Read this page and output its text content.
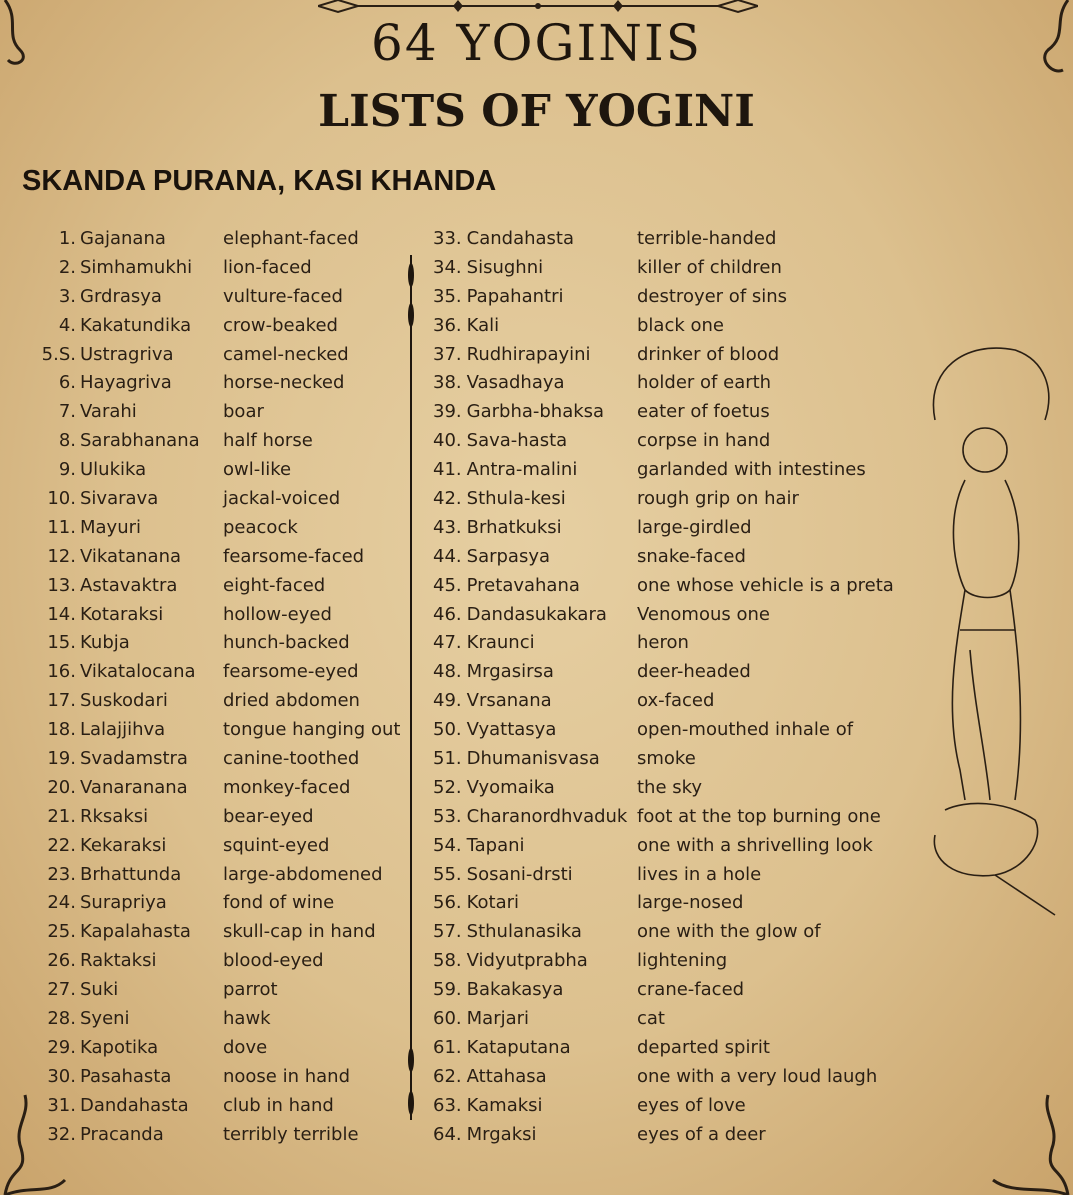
64 YOGINIS
LISTS OF YOGINI
SKANDA PURANA, KASI KHANDA
1. Gajanana	elephant-faced
2. Simhamukhi	lion-faced
3. Grdrasya	vulture-faced
4. Kakatundika	crow-beaked
5.S. Ustragriva	camel-necked
6. Hayagriva	horse-necked
7. Varahi	boar
8. Sarabhanana	half horse
9. Ulukika	owl-like
10. Sivarava	jackal-voiced
11. Mayuri	peacock
12. Vikatanana	fearsome-faced
13. Astavaktra	eight-faced
14. Kotaraksi	hollow-eyed
15. Kubja	hunch-backed
16. Vikatalocana	fearsome-eyed
17. Suskodari	dried abdomen
18. Lalajjihva	tongue hanging out
19. Svadamstra	canine-toothed
20. Vanaranana	monkey-faced
21. Rksaksi	bear-eyed
22. Kekaraksi	squint-eyed
23. Brhattunda	large-abdomened
24. Surapriya	fond of wine
25. Kapalahasta	skull-cap in hand
26. Raktaksi	blood-eyed
27. Suki	parrot
28. Syeni	hawk
29. Kapotika	dove
30. Pasahasta	noose in hand
31. Dandahasta	club in hand
32. Pracanda	terribly terrible
33. Candahasta	terrible-handed
34. Sisughni	killer of children
35. Papahantri	destroyer of sins
36. Kali	black one
37. Rudhirapayini	drinker of blood
38. Vasadhaya	holder of earth
39. Garbha-bhaksa eater of foetus
40. Sava-hasta	corpse in hand
41. Antra-malini	garlanded with intestines
42. Sthula-kesi	rough grip on hair
43. Brhatkuksi	large-girdled
44. Sarpasya	snake-faced
45. Pretavahana	one whose vehicle is a preta
46. Dandasukakara Venomous one
47. Kraunci	heron
48. Mrgasirsa	deer-headed
49. Vrsanana	ox-faced
50. Vyattasya	open-mouthed inhale of
51. Dhumanisvasa smoke
52. Vyomaika	the sky
53. Charanordhvaduk foot at the top burning one
54. Tapani	one with a shrivelling look
55. Sosani-drsti	lives in a hole
56. Kotari	large-nosed
57. Sthulanasika	one with the glow of
58. Vidyutprabha	lightening
59. Bakakasya	crane-faced
60. Marjari	cat
61. Kataputana	departed spirit
62. Attahasa	one with a very loud laugh
63. Kamaksi	eyes of love
64. Mrgaksi	eyes of a deer
